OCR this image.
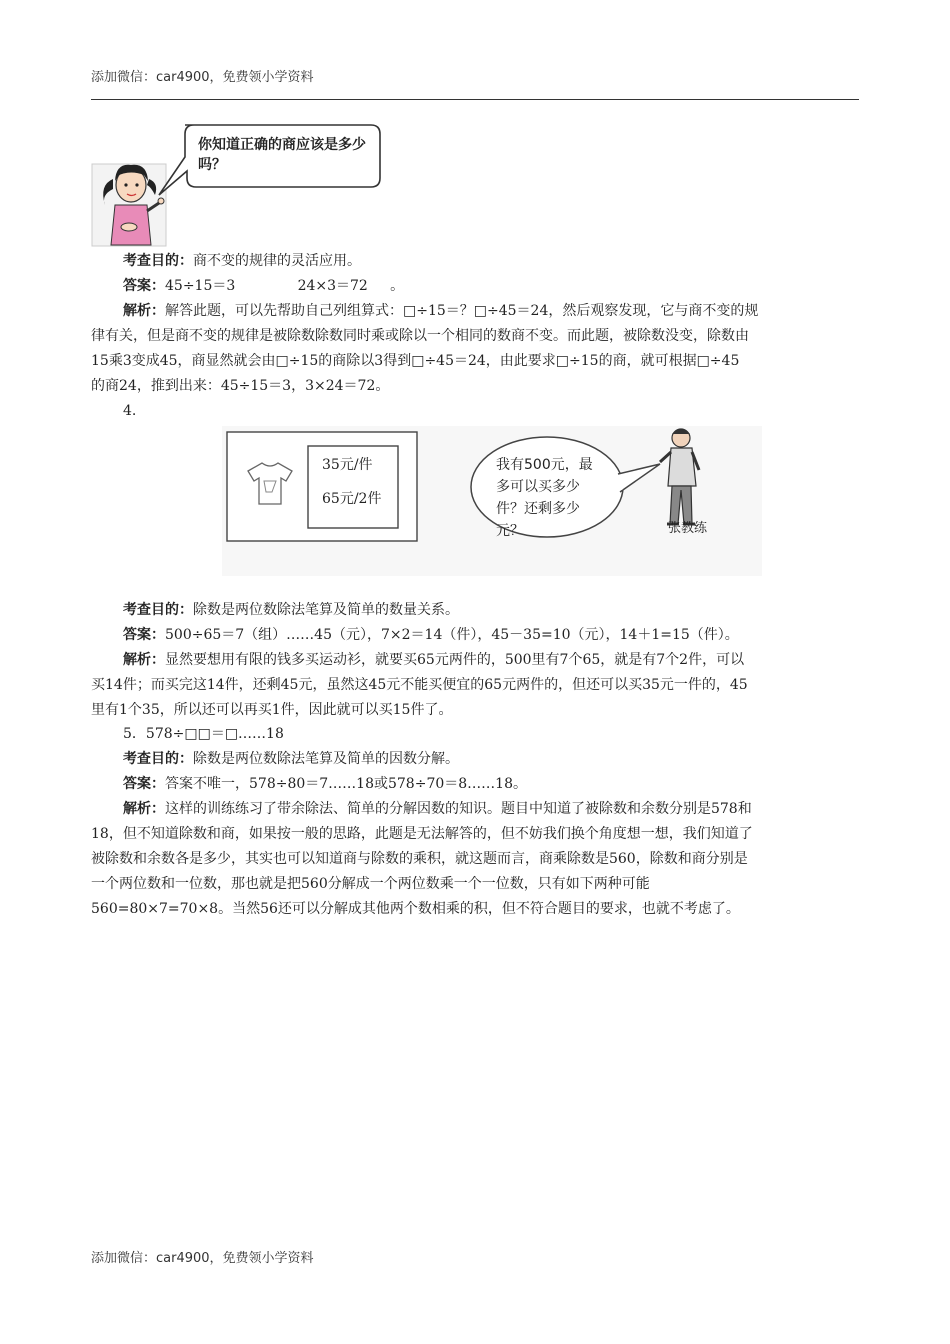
添加微信：car4900，免费领小学资料
你知道正确的商应该是多少吗？
考查目的：商不变的规律的灵活应用。
答案：45÷15＝3              24×3＝72     。
解析：解答此题，可以先帮助自己列组算式：□÷15＝？□÷45＝24，然后观察发现，它与商不变的规
律有关，但是商不变的规律是被除数除数同时乘或除以一个相同的数商不变。而此题，被除数没变，除数由
15乘3变成45，商显然就会由□÷15的商除以3得到□÷45＝24，由此要求□÷15的商，就可根据□÷45
的商24，推到出来：45÷15＝3，3×24＝72。
4.
35元/件
65元/2件
我有500元，最多可以买多少件？还剩多少元？	张教练
考查目的：除数是两位数除法笔算及简单的数量关系。
答案：500÷65＝7（组）……45（元），7×2＝14（件），45－35=10（元），14＋1=15（件）。
解析：显然要想用有限的钱多买运动衫，就要买65元两件的，500里有7个65，就是有7个2件，可以
买14件；而买完这14件，还剩45元，虽然这45元不能买便宜的65元两件的，但还可以买35元一件的，45
里有1个35，所以还可以再买1件，因此就可以买15件了。
5．578÷□□＝□……18
考查目的：除数是两位数除法笔算及简单的因数分解。
答案：答案不唯一，578÷80＝7……18或578÷70＝8……18。
解析：这样的训练练习了带余除法、简单的分解因数的知识。题目中知道了被除数和余数分别是578和
18，但不知道除数和商，如果按一般的思路，此题是无法解答的，但不妨我们换个角度想一想，我们知道了
被除数和余数各是多少，其实也可以知道商与除数的乘积，就这题而言，商乘除数是560，除数和商分别是
一个两位数和一位数，那也就是把560分解成一个两位数乘一个一位数，只有如下两种可能
560=80×7=70×8。当然56还可以分解成其他两个数相乘的积，但不符合题目的要求，也就不考虑了。
添加微信：car4900，免费领小学资料
